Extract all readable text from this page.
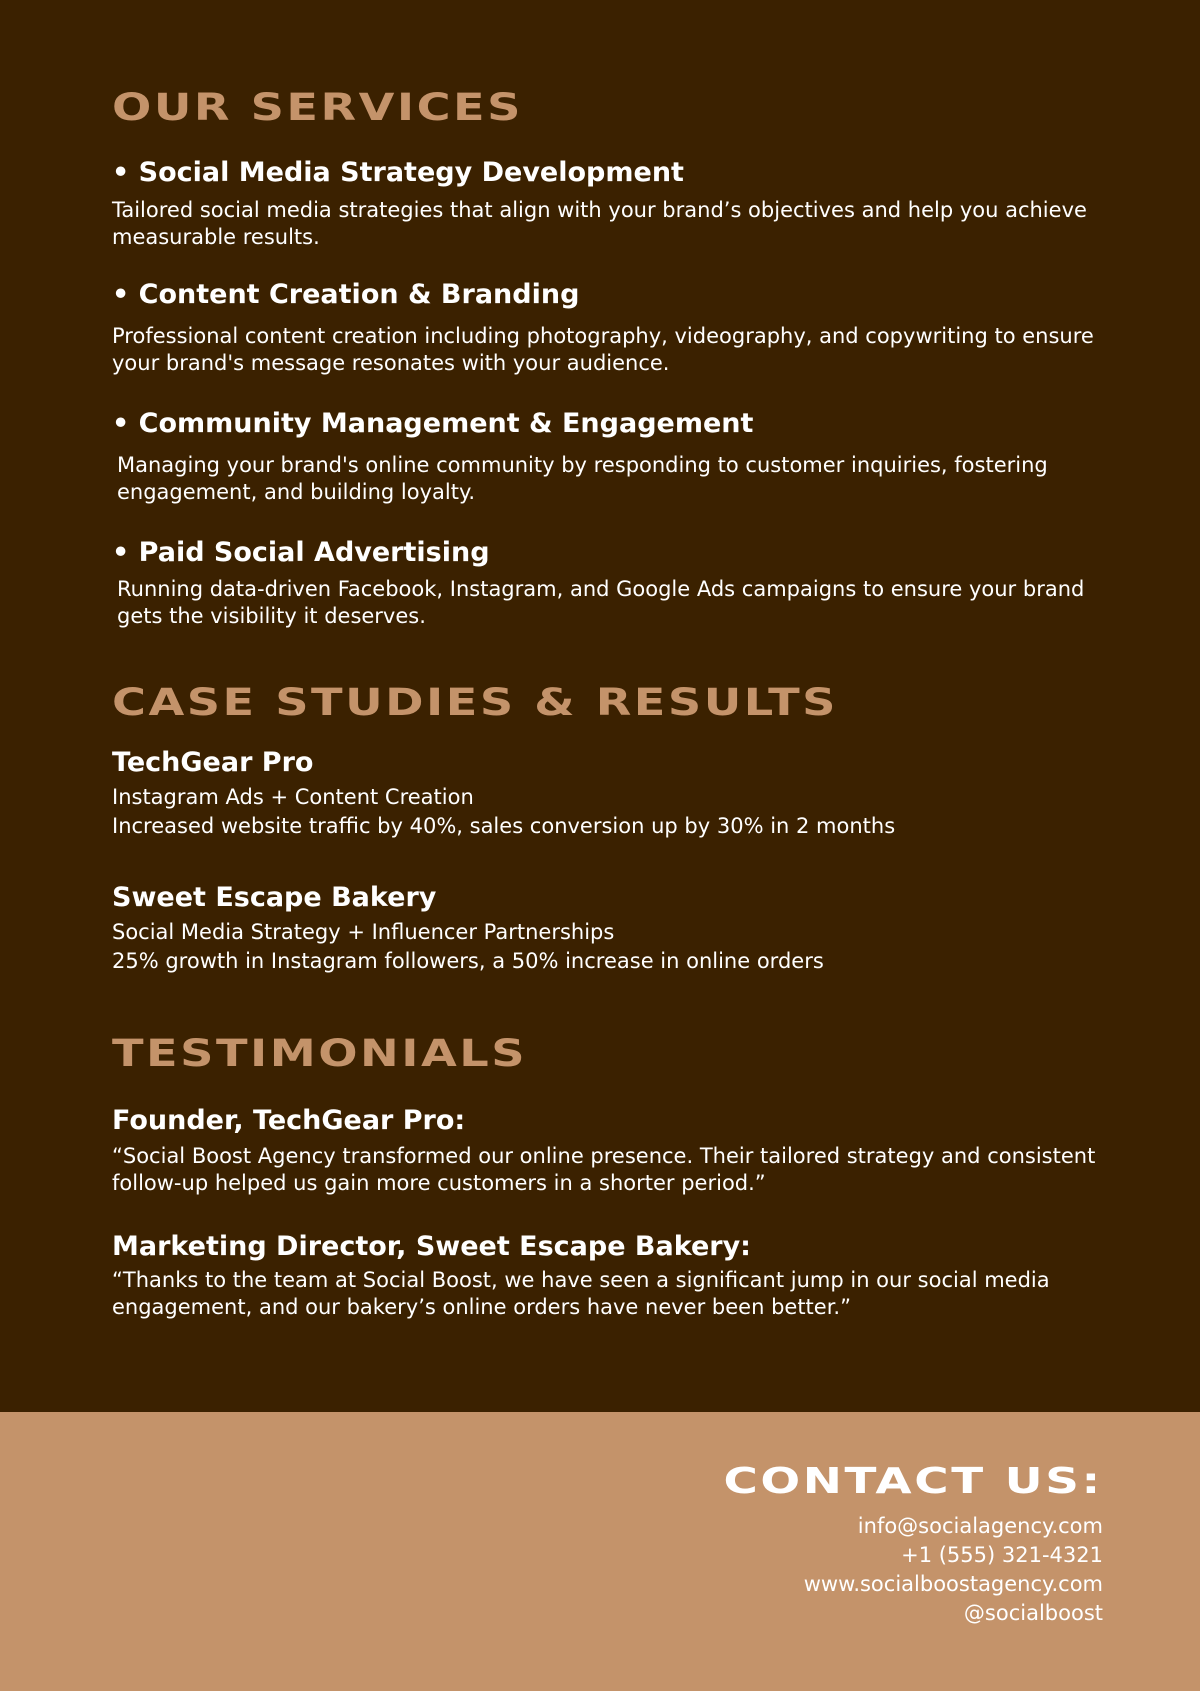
OUR SERVICES
• Social Media Strategy Development

Tailored social media strategies that align with your brand’s objectives and help you achieve measurable results.

• Content Creation & Branding

Professional content creation including photography, videography, and copywriting to ensure your brand's message resonates with your audience.

• Community Management & Engagement

Managing your brand's online community by responding to customer inquiries, fostering engagement, and building loyalty.

• Paid Social Advertising

Running data-driven Facebook, Instagram, and Google Ads campaigns to ensure your brand gets the visibility it deserves.

CASE STUDIES & RESULTS
TechGear Pro

Instagram Ads + Content Creation

Increased website traffic by 40%, sales conversion up by 30% in 2 months

Sweet Escape Bakery

Social Media Strategy + Influencer Partnerships

25% growth in Instagram followers, a 50% increase in online orders

TESTIMONIALS
Founder, TechGear Pro:

“Social Boost Agency transformed our online presence. Their tailored strategy and consistent follow-up helped us gain more customers in a shorter period.”

Marketing Director, Sweet Escape Bakery:

“Thanks to the team at Social Boost, we have seen a significant jump in our social media engagement, and our bakery’s online orders have never been better.”

CONTACT US:
info@socialagency.com
+1 (555) 321-4321
www.socialboostagency.com
@socialboost
